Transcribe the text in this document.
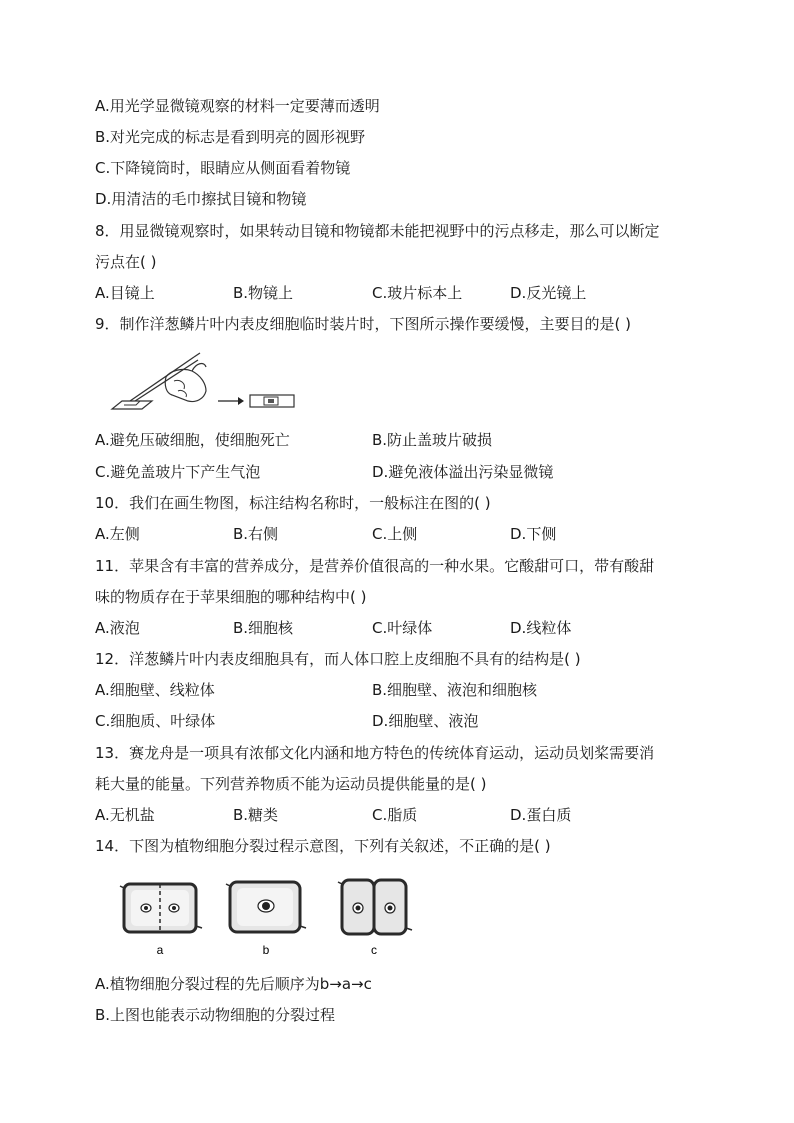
A.用光学显微镜观察的材料一定要薄而透明
B.对光完成的标志是看到明亮的圆形视野
C.下降镜筒时，眼睛应从侧面看着物镜
D.用清洁的毛巾擦拭目镜和物镜
8．用显微镜观察时，如果转动目镜和物镜都未能把视野中的污点移走，那么可以断定
污点在( )
A.目镜上	B.物镜上	C.玻片标本上	D.反光镜上
9．制作洋葱鳞片叶内表皮细胞临时装片时，下图所示操作要缓慢，主要目的是( )
A.避免压破细胞，使细胞死亡	B.防止盖玻片破损
C.避免盖玻片下产生气泡	D.避免液体溢出污染显微镜
10．我们在画生物图，标注结构名称时，一般标注在图的( )
A.左侧	B.右侧	C.上侧	D.下侧
11．苹果含有丰富的营养成分，是营养价值很高的一种水果。它酸甜可口，带有酸甜
味的物质存在于苹果细胞的哪种结构中( )
A.液泡	B.细胞核	C.叶绿体	D.线粒体
12．洋葱鳞片叶内表皮细胞具有，而人体口腔上皮细胞不具有的结构是( )
A.细胞壁、线粒体	B.细胞壁、液泡和细胞核
C.细胞质、叶绿体	D.细胞壁、液泡
13．赛龙舟是一项具有浓郁文化内涵和地方特色的传统体育运动，运动员划桨需要消
耗大量的能量。下列营养物质不能为运动员提供能量的是( )
A.无机盐	B.糖类	C.脂质	D.蛋白质
14．下图为植物细胞分裂过程示意图，下列有关叙述，不正确的是( )
a	b	c
A.植物细胞分裂过程的先后顺序为b→a→c
B.上图也能表示动物细胞的分裂过程
